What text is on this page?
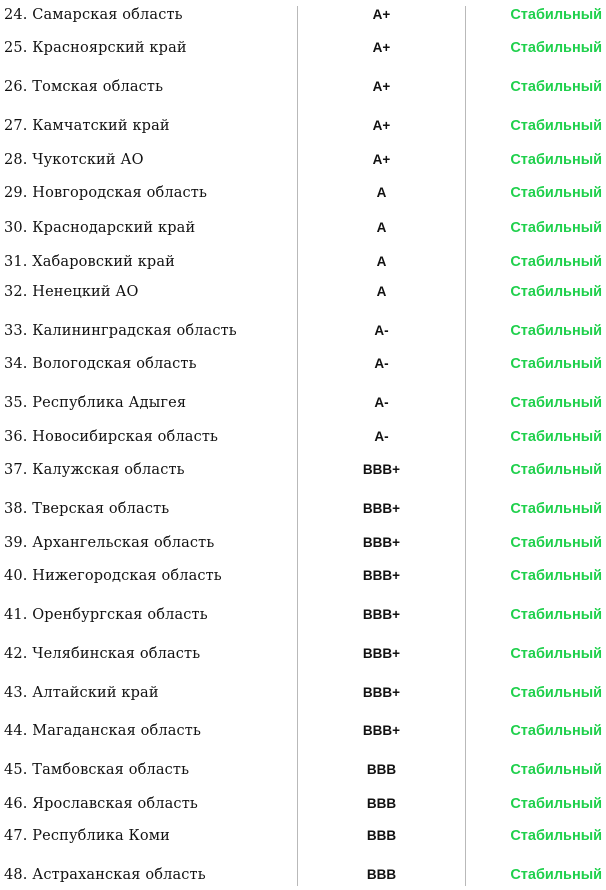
24. Самарская область	A+	Стабильный
25. Красноярский край	A+	Стабильный
26. Томская область	A+	Стабильный
27. Камчатский край	A+	Стабильный
28. Чукотский АО	A+	Стабильный
29. Новгородская область	A	Стабильный
30. Краснодарский край	A	Стабильный
31. Хабаровский край	A	Стабильный
32. Ненецкий АО	A	Стабильный
33. Калининградская область	A-	Стабильный
34. Вологодская область	A-	Стабильный
35. Республика Адыгея	A-	Стабильный
36. Новосибирская область	A-	Стабильный
37. Калужская область	BBB+	Стабильный
38. Тверская область	BBB+	Стабильный
39. Архангельская область	BBB+	Стабильный
40. Нижегородская область	BBB+	Стабильный
41. Оренбургская область	BBB+	Стабильный
42. Челябинская область	BBB+	Стабильный
43. Алтайский край	BBB+	Стабильный
44. Магаданская область	BBB+	Стабильный
45. Тамбовская область	BBB	Стабильный
46. Ярославская область	BBB	Стабильный
47. Республика Коми	BBB	Стабильный
48. Астраханская область	BBB	Стабильный
